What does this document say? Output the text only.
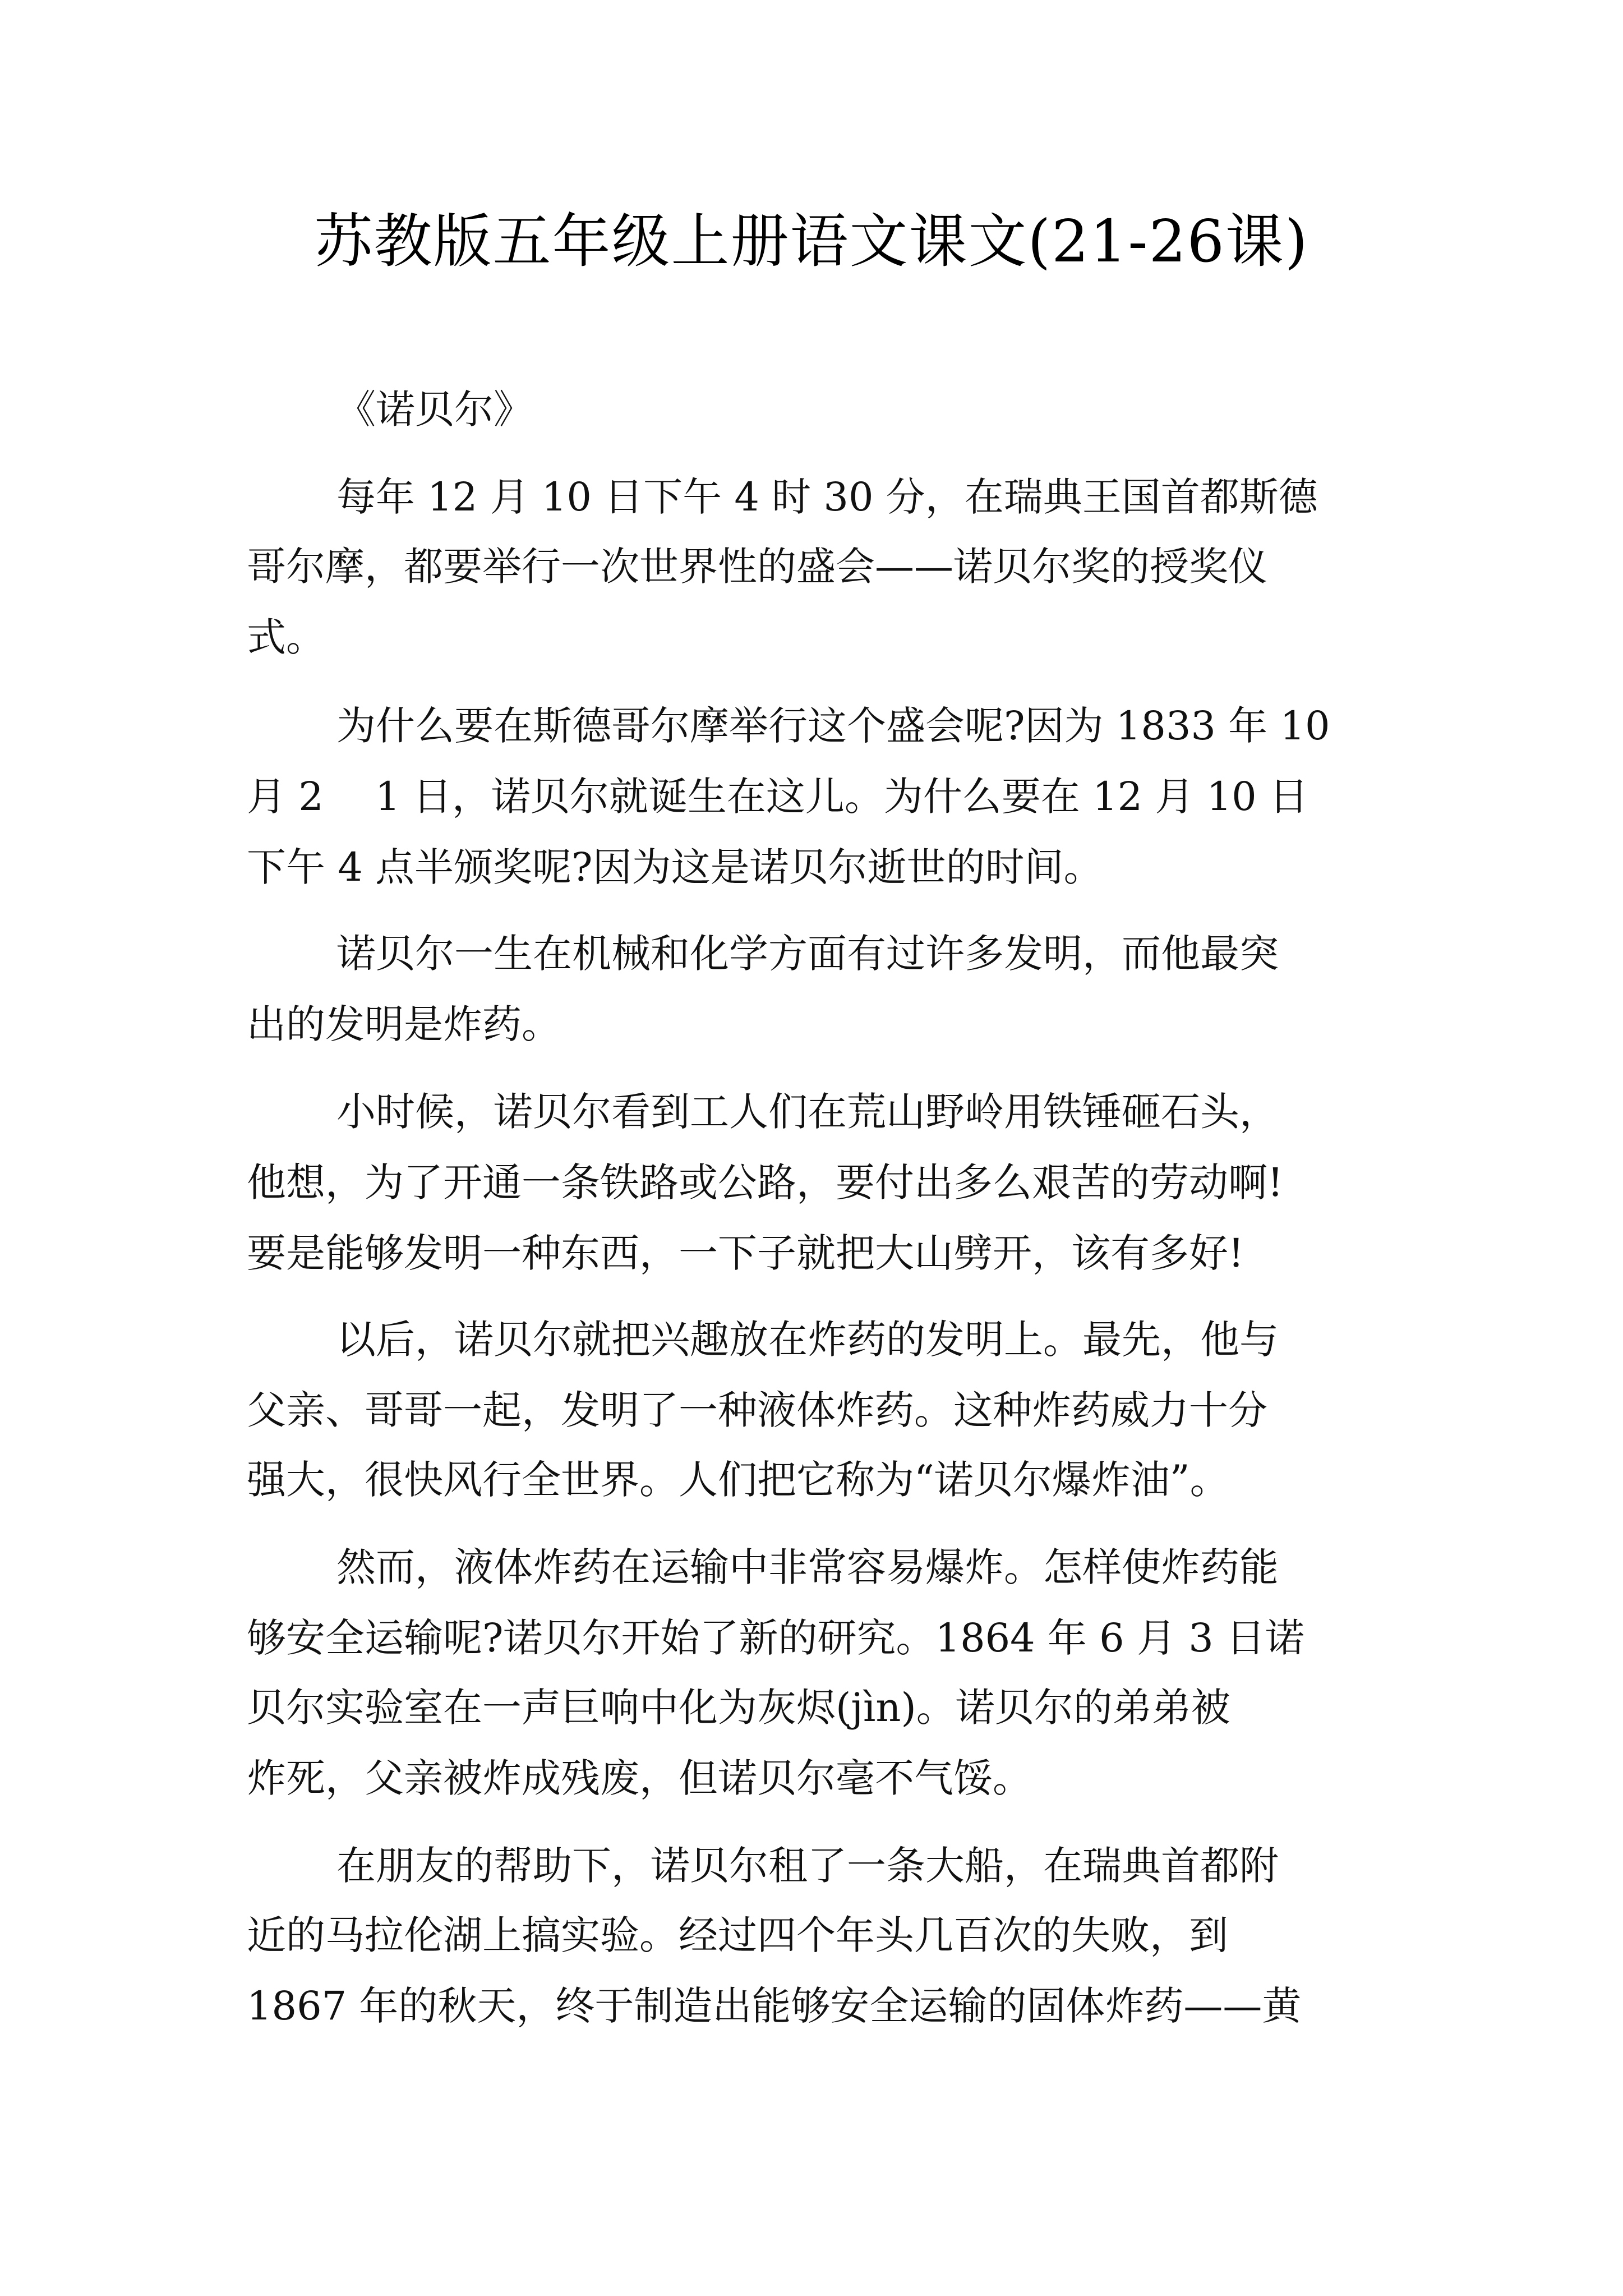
苏教版五年级上册语文课文(21-26课)
《诺贝尔》
每年 12 月 10 日下午 4 时 30 分，在瑞典王国首都斯德
哥尔摩，都要举行一次世界性的盛会——诺贝尔奖的授奖仪
式。
为什么要在斯德哥尔摩举行这个盛会呢?因为 1833 年 10
月 2　 1 日，诺贝尔就诞生在这儿。为什么要在 12 月 10 日
下午 4 点半颁奖呢?因为这是诺贝尔逝世的时间。
诺贝尔一生在机械和化学方面有过许多发明，而他最突
出的发明是炸药。
小时候，诺贝尔看到工人们在荒山野岭用铁锤砸石头，
他想，为了开通一条铁路或公路，要付出多么艰苦的劳动啊!
要是能够发明一种东西，一下子就把大山劈开，该有多好!
以后，诺贝尔就把兴趣放在炸药的发明上。最先，他与
父亲、哥哥一起，发明了一种液体炸药。这种炸药威力十分
强大，很快风行全世界。人们把它称为“诺贝尔爆炸油”。
然而，液体炸药在运输中非常容易爆炸。怎样使炸药能
够安全运输呢?诺贝尔开始了新的研究。1864 年 6 月 3 日诺
贝尔实验室在一声巨响中化为灰烬(jìn)。诺贝尔的弟弟被
炸死，父亲被炸成残废，但诺贝尔毫不气馁。
在朋友的帮助下，诺贝尔租了一条大船，在瑞典首都附
近的马拉伦湖上搞实验。经过四个年头几百次的失败，到
1867 年的秋天，终于制造出能够安全运输的固体炸药——黄
